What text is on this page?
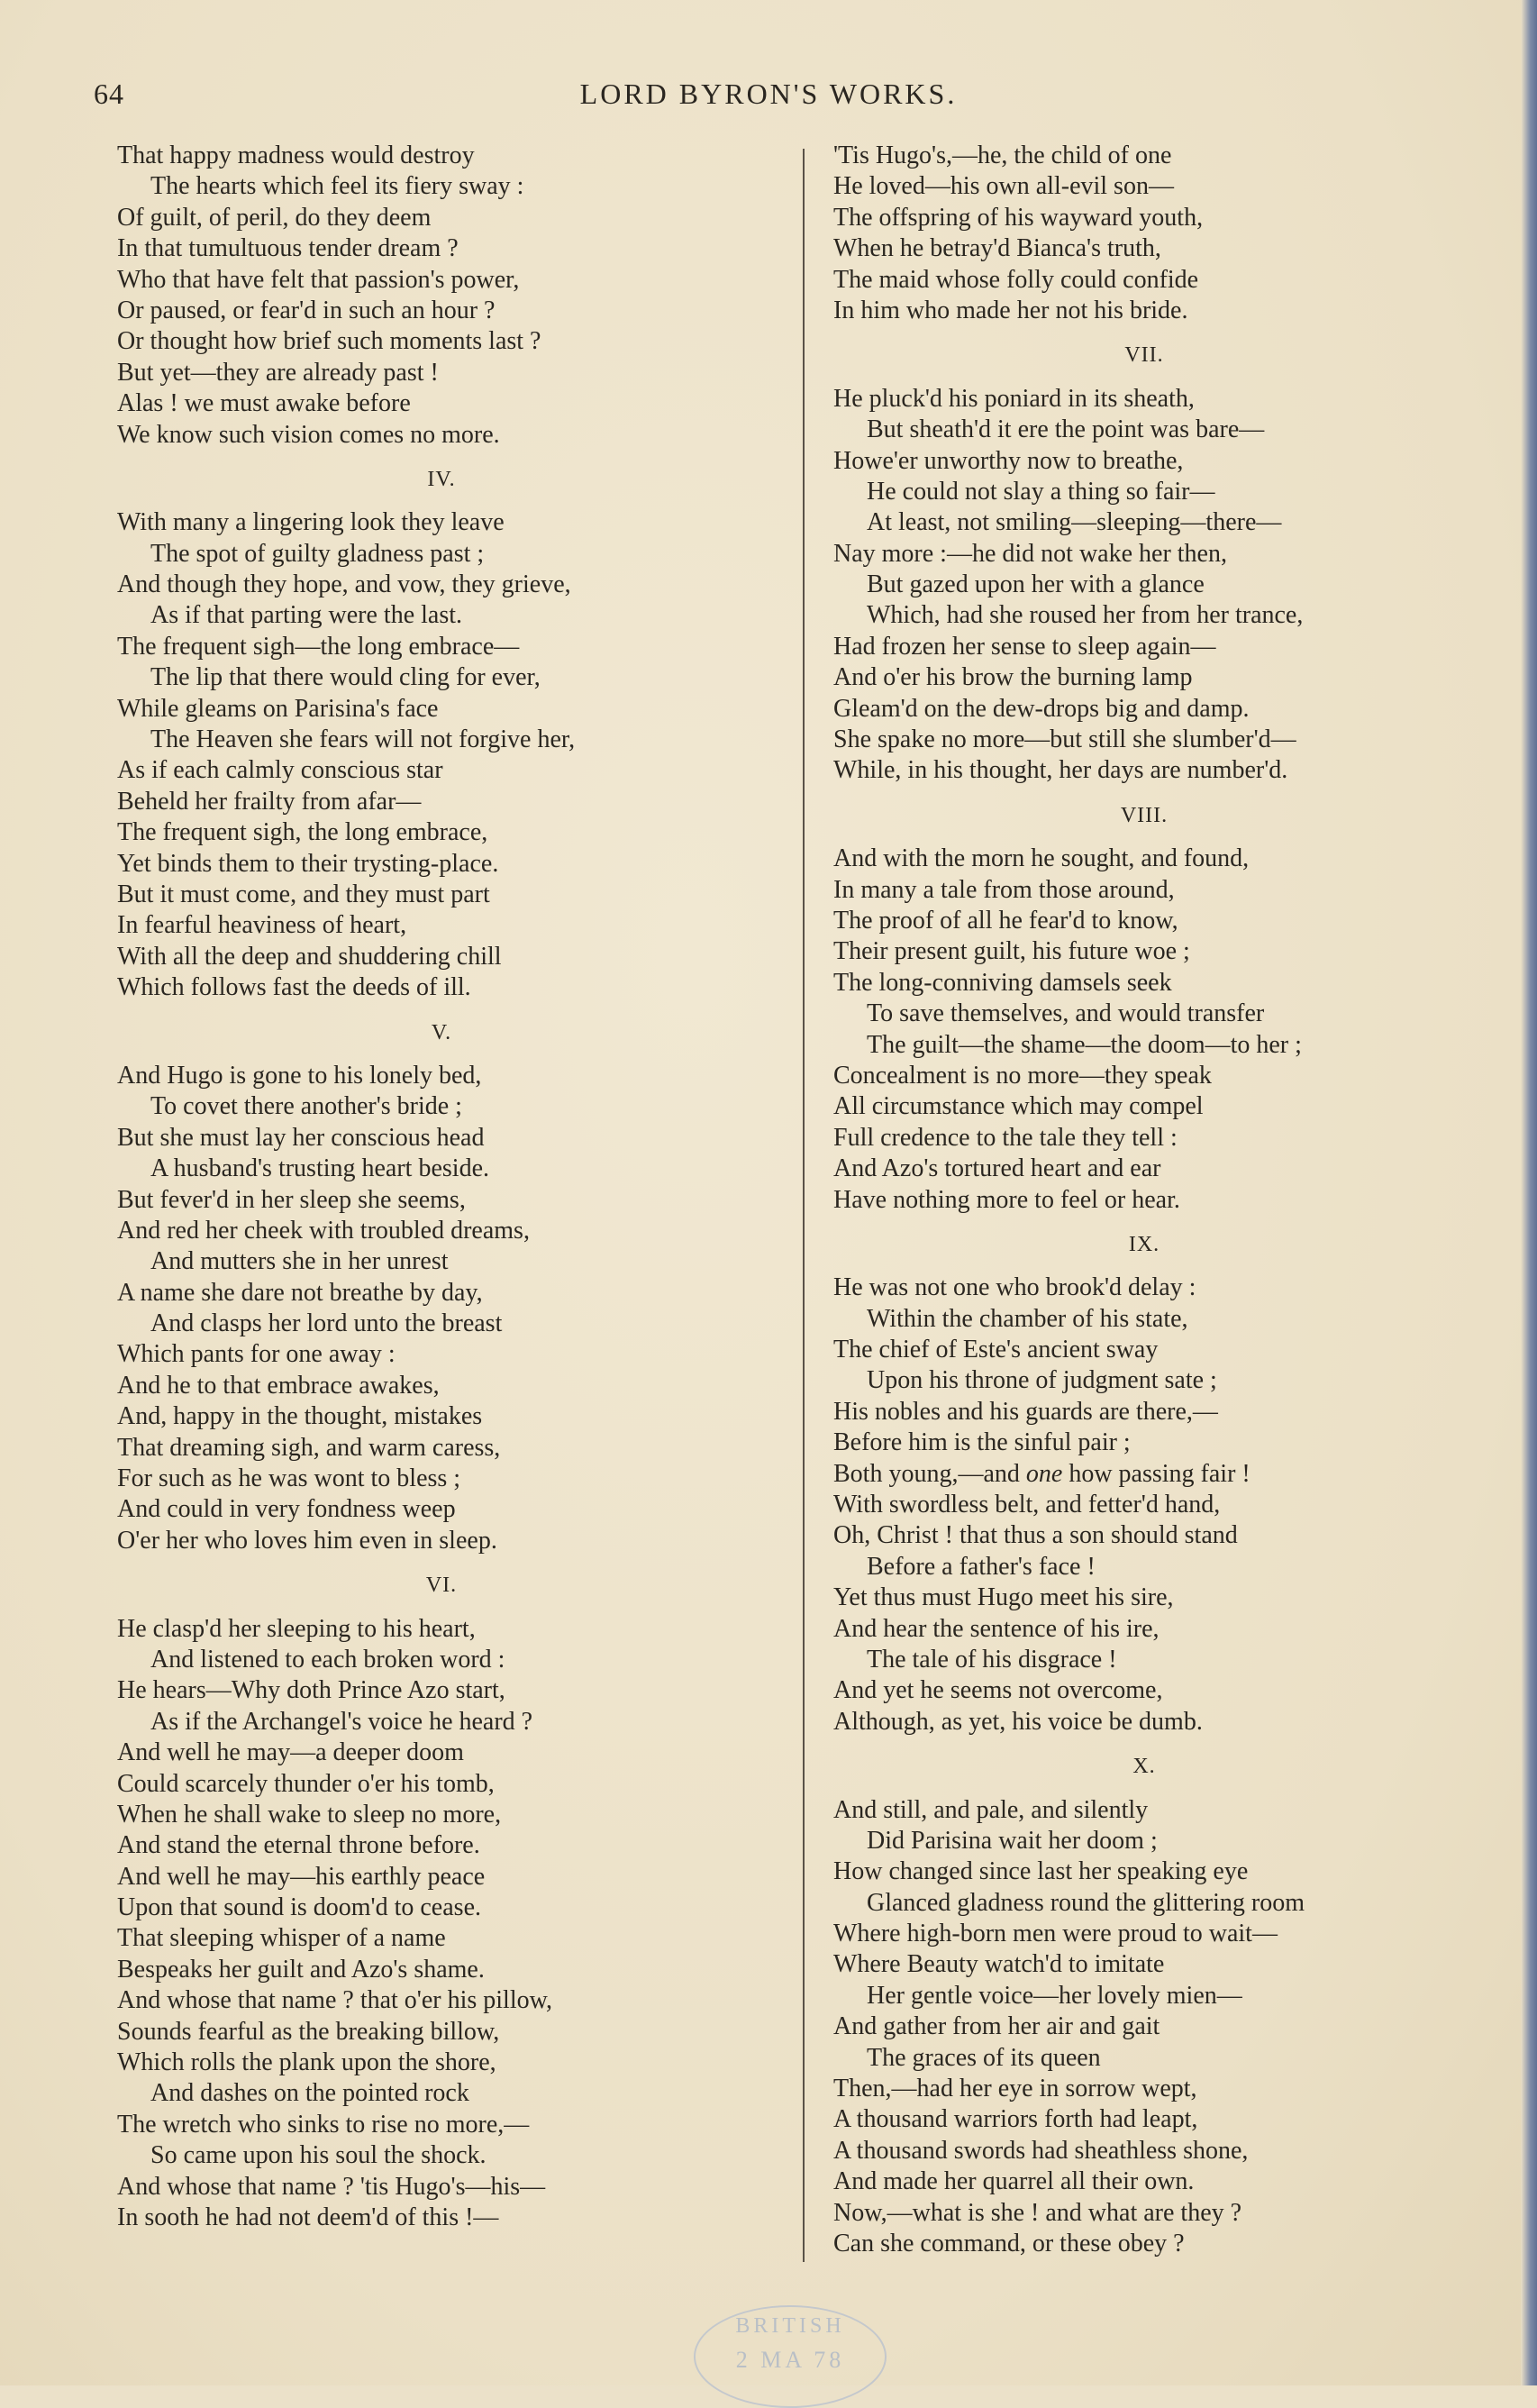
64	LORD BYRON'S WORKS.
That happy madness would destroy
The hearts which feel its fiery sway :
Of guilt, of peril, do they deem
In that tumultuous tender dream ?
Who that have felt that passion's power,
Or paused, or fear'd in such an hour ?
Or thought how brief such moments last ?
But yet—they are already past !
Alas ! we must awake before
We know such vision comes no more.
IV.
With many a lingering look they leave
The spot of guilty gladness past ;
And though they hope, and vow, they grieve,
As if that parting were the last.
The frequent sigh—the long embrace—
The lip that there would cling for ever,
While gleams on Parisina's face
The Heaven she fears will not forgive her,
As if each calmly conscious star
Beheld her frailty from afar—
The frequent sigh, the long embrace,
Yet binds them to their trysting-place.
But it must come, and they must part
In fearful heaviness of heart,
With all the deep and shuddering chill
Which follows fast the deeds of ill.
V.
And Hugo is gone to his lonely bed,
To covet there another's bride ;
But she must lay her conscious head
A husband's trusting heart beside.
But fever'd in her sleep she seems,
And red her cheek with troubled dreams,
And mutters she in her unrest
A name she dare not breathe by day,
And clasps her lord unto the breast
Which pants for one away :
And he to that embrace awakes,
And, happy in the thought, mistakes
That dreaming sigh, and warm caress,
For such as he was wont to bless ;
And could in very fondness weep
O'er her who loves him even in sleep.
VI.
He clasp'd her sleeping to his heart,
And listened to each broken word :
He hears—Why doth Prince Azo start,
As if the Archangel's voice he heard ?
And well he may—a deeper doom
Could scarcely thunder o'er his tomb,
When he shall wake to sleep no more,
And stand the eternal throne before.
And well he may—his earthly peace
Upon that sound is doom'd to cease.
That sleeping whisper of a name
Bespeaks her guilt and Azo's shame.
And whose that name ? that o'er his pillow,
Sounds fearful as the breaking billow,
Which rolls the plank upon the shore,
And dashes on the pointed rock
The wretch who sinks to rise no more,—
So came upon his soul the shock.
And whose that name ? 'tis Hugo's—his—
In sooth he had not deem'd of this !—
'Tis Hugo's,—he, the child of one
He loved—his own all-evil son—
The offspring of his wayward youth,
When he betray'd Bianca's truth,
The maid whose folly could confide
In him who made her not his bride.
VII.
He pluck'd his poniard in its sheath,
But sheath'd it ere the point was bare—
Howe'er unworthy now to breathe,
He could not slay a thing so fair—
At least, not smiling—sleeping—there—
Nay more :—he did not wake her then,
But gazed upon her with a glance
Which, had she roused her from her trance,
Had frozen her sense to sleep again—
And o'er his brow the burning lamp
Gleam'd on the dew-drops big and damp.
She spake no more—but still she slumber'd—
While, in his thought, her days are number'd.
VIII.
And with the morn he sought, and found,
In many a tale from those around,
The proof of all he fear'd to know,
Their present guilt, his future woe ;
The long-conniving damsels seek
To save themselves, and would transfer
The guilt—the shame—the doom—to her ;
Concealment is no more—they speak
All circumstance which may compel
Full credence to the tale they tell :
And Azo's tortured heart and ear
Have nothing more to feel or hear.
IX.
He was not one who brook'd delay :
Within the chamber of his state,
The chief of Este's ancient sway
Upon his throne of judgment sate ;
His nobles and his guards are there,—
Before him is the sinful pair ;
Both young,—and one how passing fair !
With swordless belt, and fetter'd hand,
Oh, Christ ! that thus a son should stand
Before a father's face !
Yet thus must Hugo meet his sire,
And hear the sentence of his ire,
The tale of his disgrace !
And yet he seems not overcome,
Although, as yet, his voice be dumb.
X.
And still, and pale, and silently
Did Parisina wait her doom ;
How changed since last her speaking eye
Glanced gladness round the glittering room
Where high-born men were proud to wait—
Where Beauty watch'd to imitate
Her gentle voice—her lovely mien—
And gather from her air and gait
The graces of its queen
Then,—had her eye in sorrow wept,
A thousand warriors forth had leapt,
A thousand swords had sheathless shone,
And made her quarrel all their own.
Now,—what is she ! and what are they ?
Can she command, or these obey ?
BRITISH
2 MA 78
